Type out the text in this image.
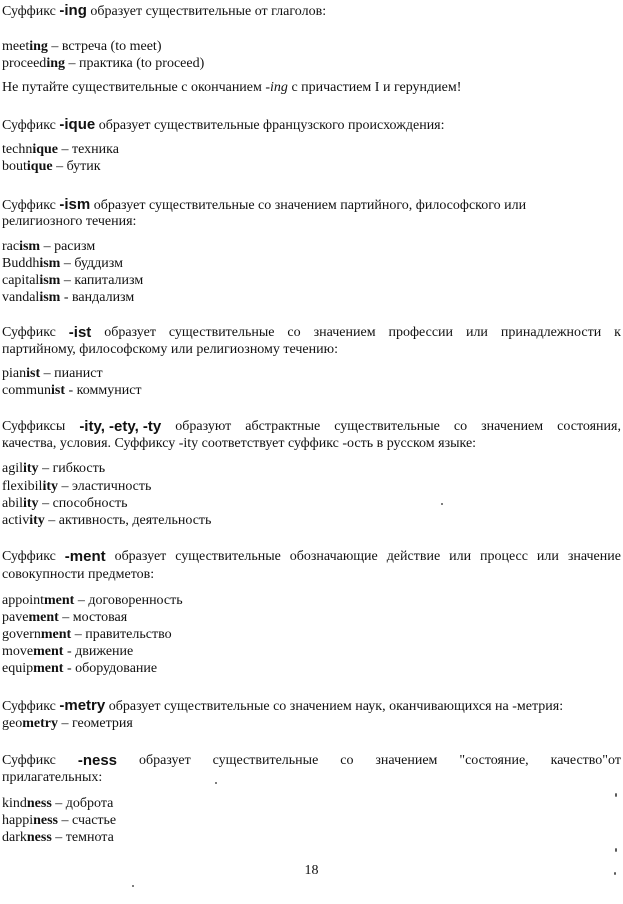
Суффикс -ing образует существительные от глаголов:
meeting – встреча (to meet)
proceeding – практика (to proceed)
Не путайте существительные с окончанием -ing с причастием I и герундием!
Суффикс -ique образует существительные французского происхождения:
technique – техника
boutique – бутик
Суффикс -ism образует существительные со значением партийного, философского или
религиозного течения:
racism – расизм
Buddhism – буддизм
capitalism – капитализм
vandalism - вандализм
Суффикс -ist образует существительные со значением профессии или принадлежности к
партийному, философскому или религиозному течению:
pianist – пианист
communist - коммунист
Суффиксы -ity, -ety, -ty образуют абстрактные существительные со значением состояния,
качества, условия. Суффиксу -ity соответствует суффикс -ость в русском языке:
agility – гибкость
flexibility – эластичность
ability – способность
activity – активность, деятельность
Суффикс -ment образует существительные обозначающие действие или процесс или значение
совокупности предметов:
appointment – договоренность
pavement – мостовая
government – правительство
movement - движение
equipment - оборудование
Суффикс -metry образует существительные со значением наук, оканчивающихся на -метрия:
geometry – геометрия
Суффикс -ness образует существительные со значением "состояние, качество"от
прилагательных:
kindness – доброта
happiness – счастье
darkness – темнота
18
